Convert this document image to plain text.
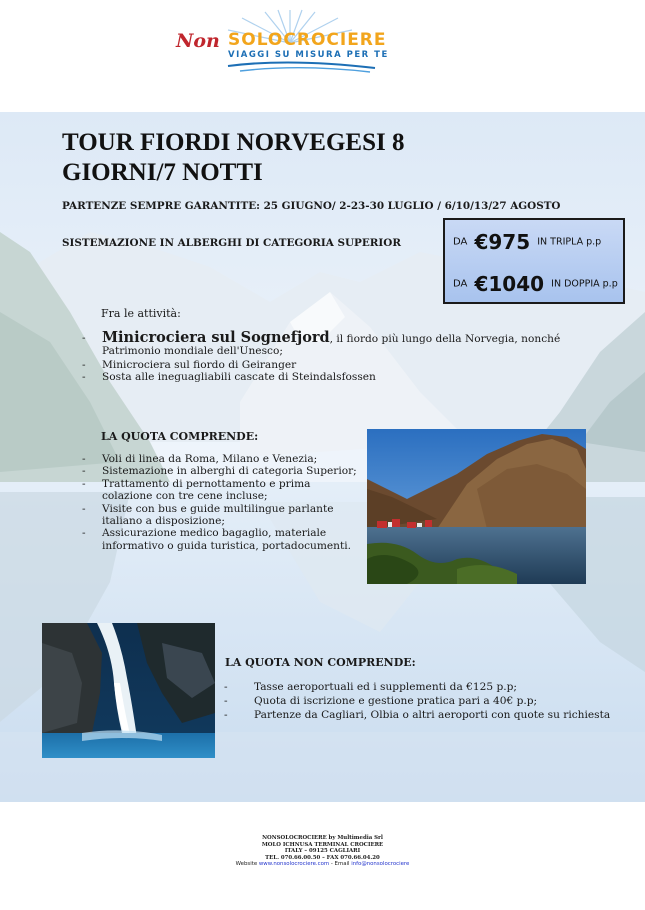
Non SOLOCROCIERE
VIAGGI SU MISURA PER TE
TOUR FIORDI NORVEGESI 8 GIORNI/7 NOTTI
PARTENZE SEMPRE GARANTITE: 25 GIUGNO/ 2-23-30 LUGLIO / 6/10/13/27 AGOSTO
SISTEMAZIONE IN ALBERGHI DI CATEGORIA SUPERIOR	DA €975 IN TRIPLA p.p
DA €1040 IN DOPPIA p.p
Fra le attività:
- Minicrociera sul Sognefjord, il fiordo più lungo della Norvegia, nonché Patrimonio mondiale dell'Unesco;
- Minicrociera sul fiordo di Geiranger
- Sosta alle ineguagliabili cascate di Steindalsfossen
LA QUOTA COMPRENDE:
- Voli di linea da Roma, Milano e Venezia;
- Sistemazione in alberghi di categoria Superior;
- Trattamento di pernottamento e prima colazione con tre cene incluse;
- Visite con bus e guide multilingue parlante italiano a disposizione;
- Assicurazione medico bagaglio, materiale informativo o guida turistica, portadocumenti.
LA QUOTA NON COMPRENDE:
- Tasse aeroportuali ed i supplementi da €125 p.p;
- Quota di iscrizione e gestione pratica pari a 40€ p.p;
- Partenze da Cagliari, Olbia o altri aeroporti con quote su richiesta
NONSOLOCROCIERE by Multimedia Srl
MOLO ICHNUSA TERMINAL CROCIERE
ITALY – 09125 CAGLIARI
TEL. 070.66.00.50 – FAX 070.66.04.20
Website www.nonsolocrociere.com - Email info@nonsolocrociere
